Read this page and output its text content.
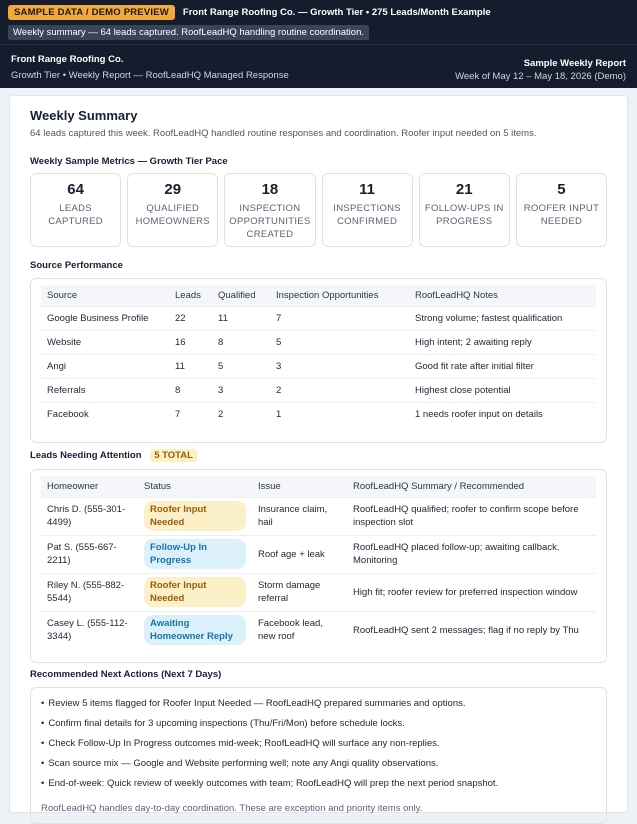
SAMPLE DATA / DEMO PREVIEW	Front Range Roofing Co. — Growth Tier • 275 Leads/Month Example
Weekly summary — 64 leads captured. RoofLeadHQ handling routine coordination.
Front Range Roofing Co.
Growth Tier • Weekly Report — RoofLeadHQ Managed Response
Sample Weekly Report
Week of May 12 – May 18, 2026 (Demo)
Weekly Summary
64 leads captured this week. RoofLeadHQ handled routine responses and coordination. Roofer input needed on 5 items.
Weekly Sample Metrics — Growth Tier Pace
64
LEADS CAPTURED
29
QUALIFIED HOMEOWNERS
18
INSPECTION OPPORTUNITIES CREATED
11
INSPECTIONS CONFIRMED
21
FOLLOW-UPS IN PROGRESS
5
ROOFER INPUT NEEDED
Source Performance
Source	Leads	Qualified	Inspection Opportunities	RoofLeadHQ Notes
Google Business Profile	22	11	7	Strong volume; fastest qualification
Website	16	8	5	High intent; 2 awaiting reply
Angi	11	5	3	Good fit rate after initial filter
Referrals	8	3	2	Highest close potential
Facebook	7	2	1	1 needs roofer input on details
Leads Needing Attention 5 TOTAL
Homeowner	Status	Issue	RoofLeadHQ Summary / Recommended
Chris D. (555-301-4499)	Roofer Input Needed	Insurance claim, hail	RoofLeadHQ qualified; roofer to confirm scope before inspection slot
Pat S. (555-667-2211)	Follow-Up In Progress	Roof age + leak	RoofLeadHQ placed follow-up; awaiting callback. Monitoring
Riley N. (555-882-5544)	Roofer Input Needed	Storm damage referral	High fit; roofer review for preferred inspection window
Casey L. (555-112-3344)	Awaiting Homeowner Reply	Facebook lead, new roof	RoofLeadHQ sent 2 messages; flag if no reply by Thu
Recommended Next Actions (Next 7 Days)
• Review 5 items flagged for Roofer Input Needed — RoofLeadHQ prepared summaries and options.
• Confirm final details for 3 upcoming inspections (Thu/Fri/Mon) before schedule locks.
• Check Follow-Up In Progress outcomes mid-week; RoofLeadHQ will surface any non-replies.
• Scan source mix — Google and Website performing well; note any Angi quality observations.
• End-of-week: Quick review of weekly outcomes with team; RoofLeadHQ will prep the next period snapshot.
RoofLeadHQ handles day-to-day coordination. These are exception and priority items only.
